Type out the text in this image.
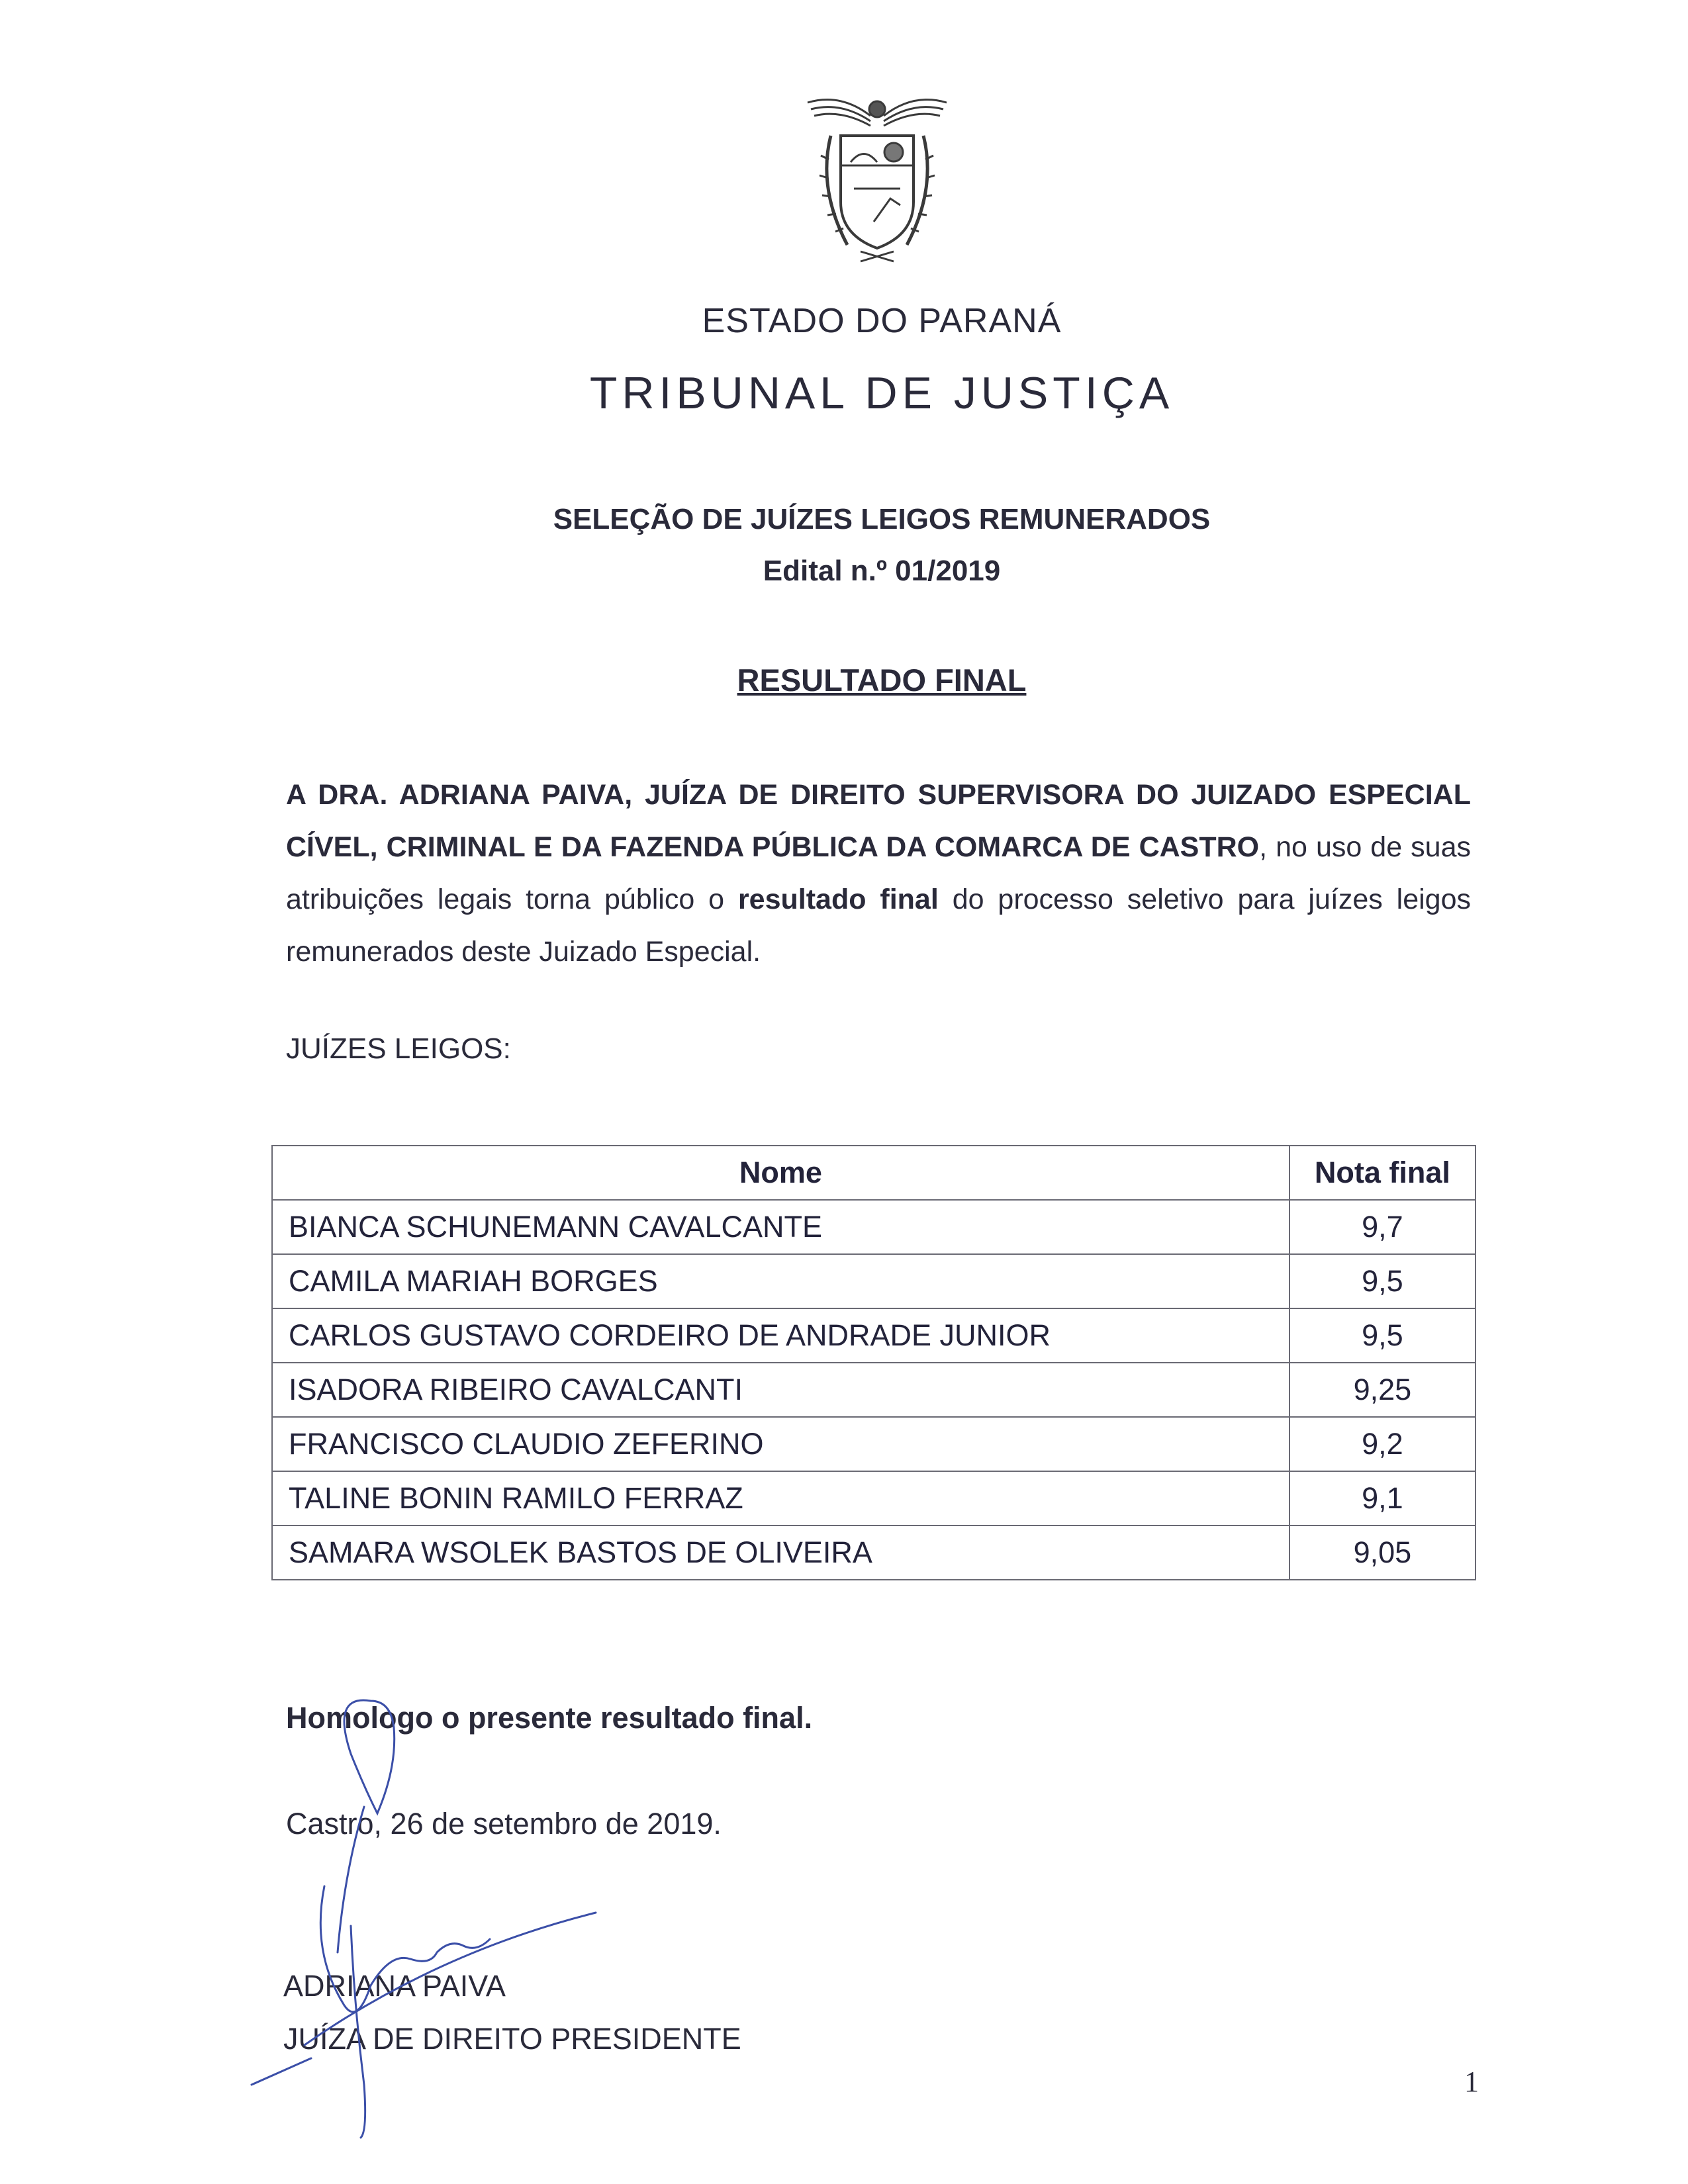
ESTADO DO PARANÁ
TRIBUNAL DE JUSTIÇA
SELEÇÃO DE JUÍZES LEIGOS REMUNERADOS
Edital n.º 01/2019
RESULTADO FINAL
A DRA. ADRIANA PAIVA, JUÍZA DE DIREITO SUPERVISORA DO JUIZADO ESPECIAL CÍVEL, CRIMINAL E DA FAZENDA PÚBLICA DA COMARCA DE CASTRO, no uso de suas atribuições legais torna público o resultado final do processo seletivo para juízes leigos remunerados deste Juizado Especial.
JUÍZES LEIGOS:
Nome	Nota final
BIANCA SCHUNEMANN CAVALCANTE	9,7
CAMILA MARIAH BORGES	9,5
CARLOS GUSTAVO CORDEIRO DE ANDRADE JUNIOR	9,5
ISADORA RIBEIRO CAVALCANTI	9,25
FRANCISCO CLAUDIO ZEFERINO	9,2
TALINE BONIN RAMILO FERRAZ	9,1
SAMARA WSOLEK BASTOS DE OLIVEIRA	9,05
Homologo o presente resultado final.
Castro, 26 de setembro de 2019.
ADRIANA PAIVA
JUÍZA DE DIREITO PRESIDENTE
1
